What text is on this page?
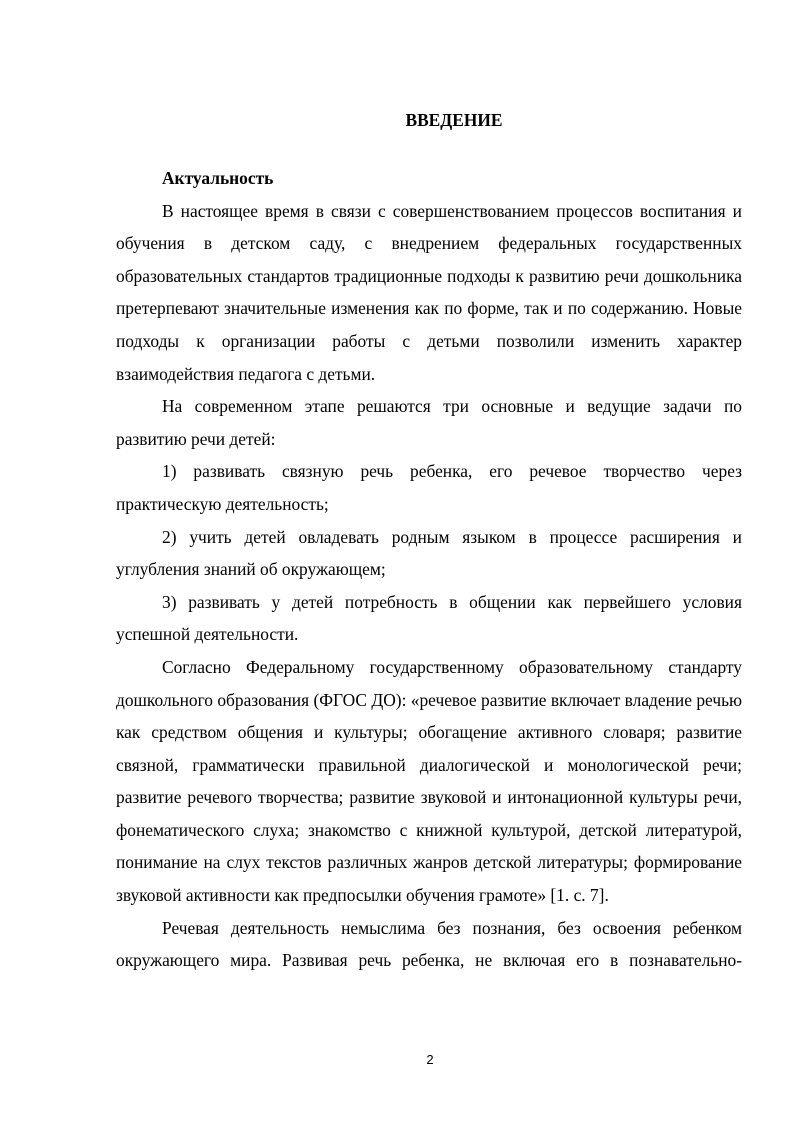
ВВЕДЕНИЕ

Актуальность

В настоящее время в связи с совершенствованием процессов воспитания и обучения в детском саду, с внедрением федеральных государственных образовательных стандартов традиционные подходы к развитию речи дошкольника претерпевают значительные изменения как по форме, так и по содержанию. Новые подходы к организации работы с детьми позволили изменить характер взаимодействия педагога с детьми.

На современном этапе решаются три основные и ведущие задачи по развитию речи детей:

1) развивать связную речь ребенка, его речевое творчество через практическую деятельность;

2) учить детей овладевать родным языком в процессе расширения и углубления знаний об окружающем;

3) развивать у детей потребность в общении как первейшего условия успешной деятельности.

Согласно Федеральному государственному образовательному стандарту дошкольного образования (ФГОС ДО): «речевое развитие включает владение речью как средством общения и культуры; обогащение активного словаря; развитие связной, грамматически правильной диалогической и монологической речи; развитие речевого творчества; развитие звуковой и интонационной культуры речи, фонематического слуха; знакомство с книжной культурой, детской литературой, понимание на слух текстов различных жанров детской литературы; формирование звуковой активности как предпосылки обучения грамоте» [1. с. 7].

Речевая деятельность немыслима без познания, без освоения ребенком окружающего мира. Развивая речь ребенка, не включая его в познавательно-

2
